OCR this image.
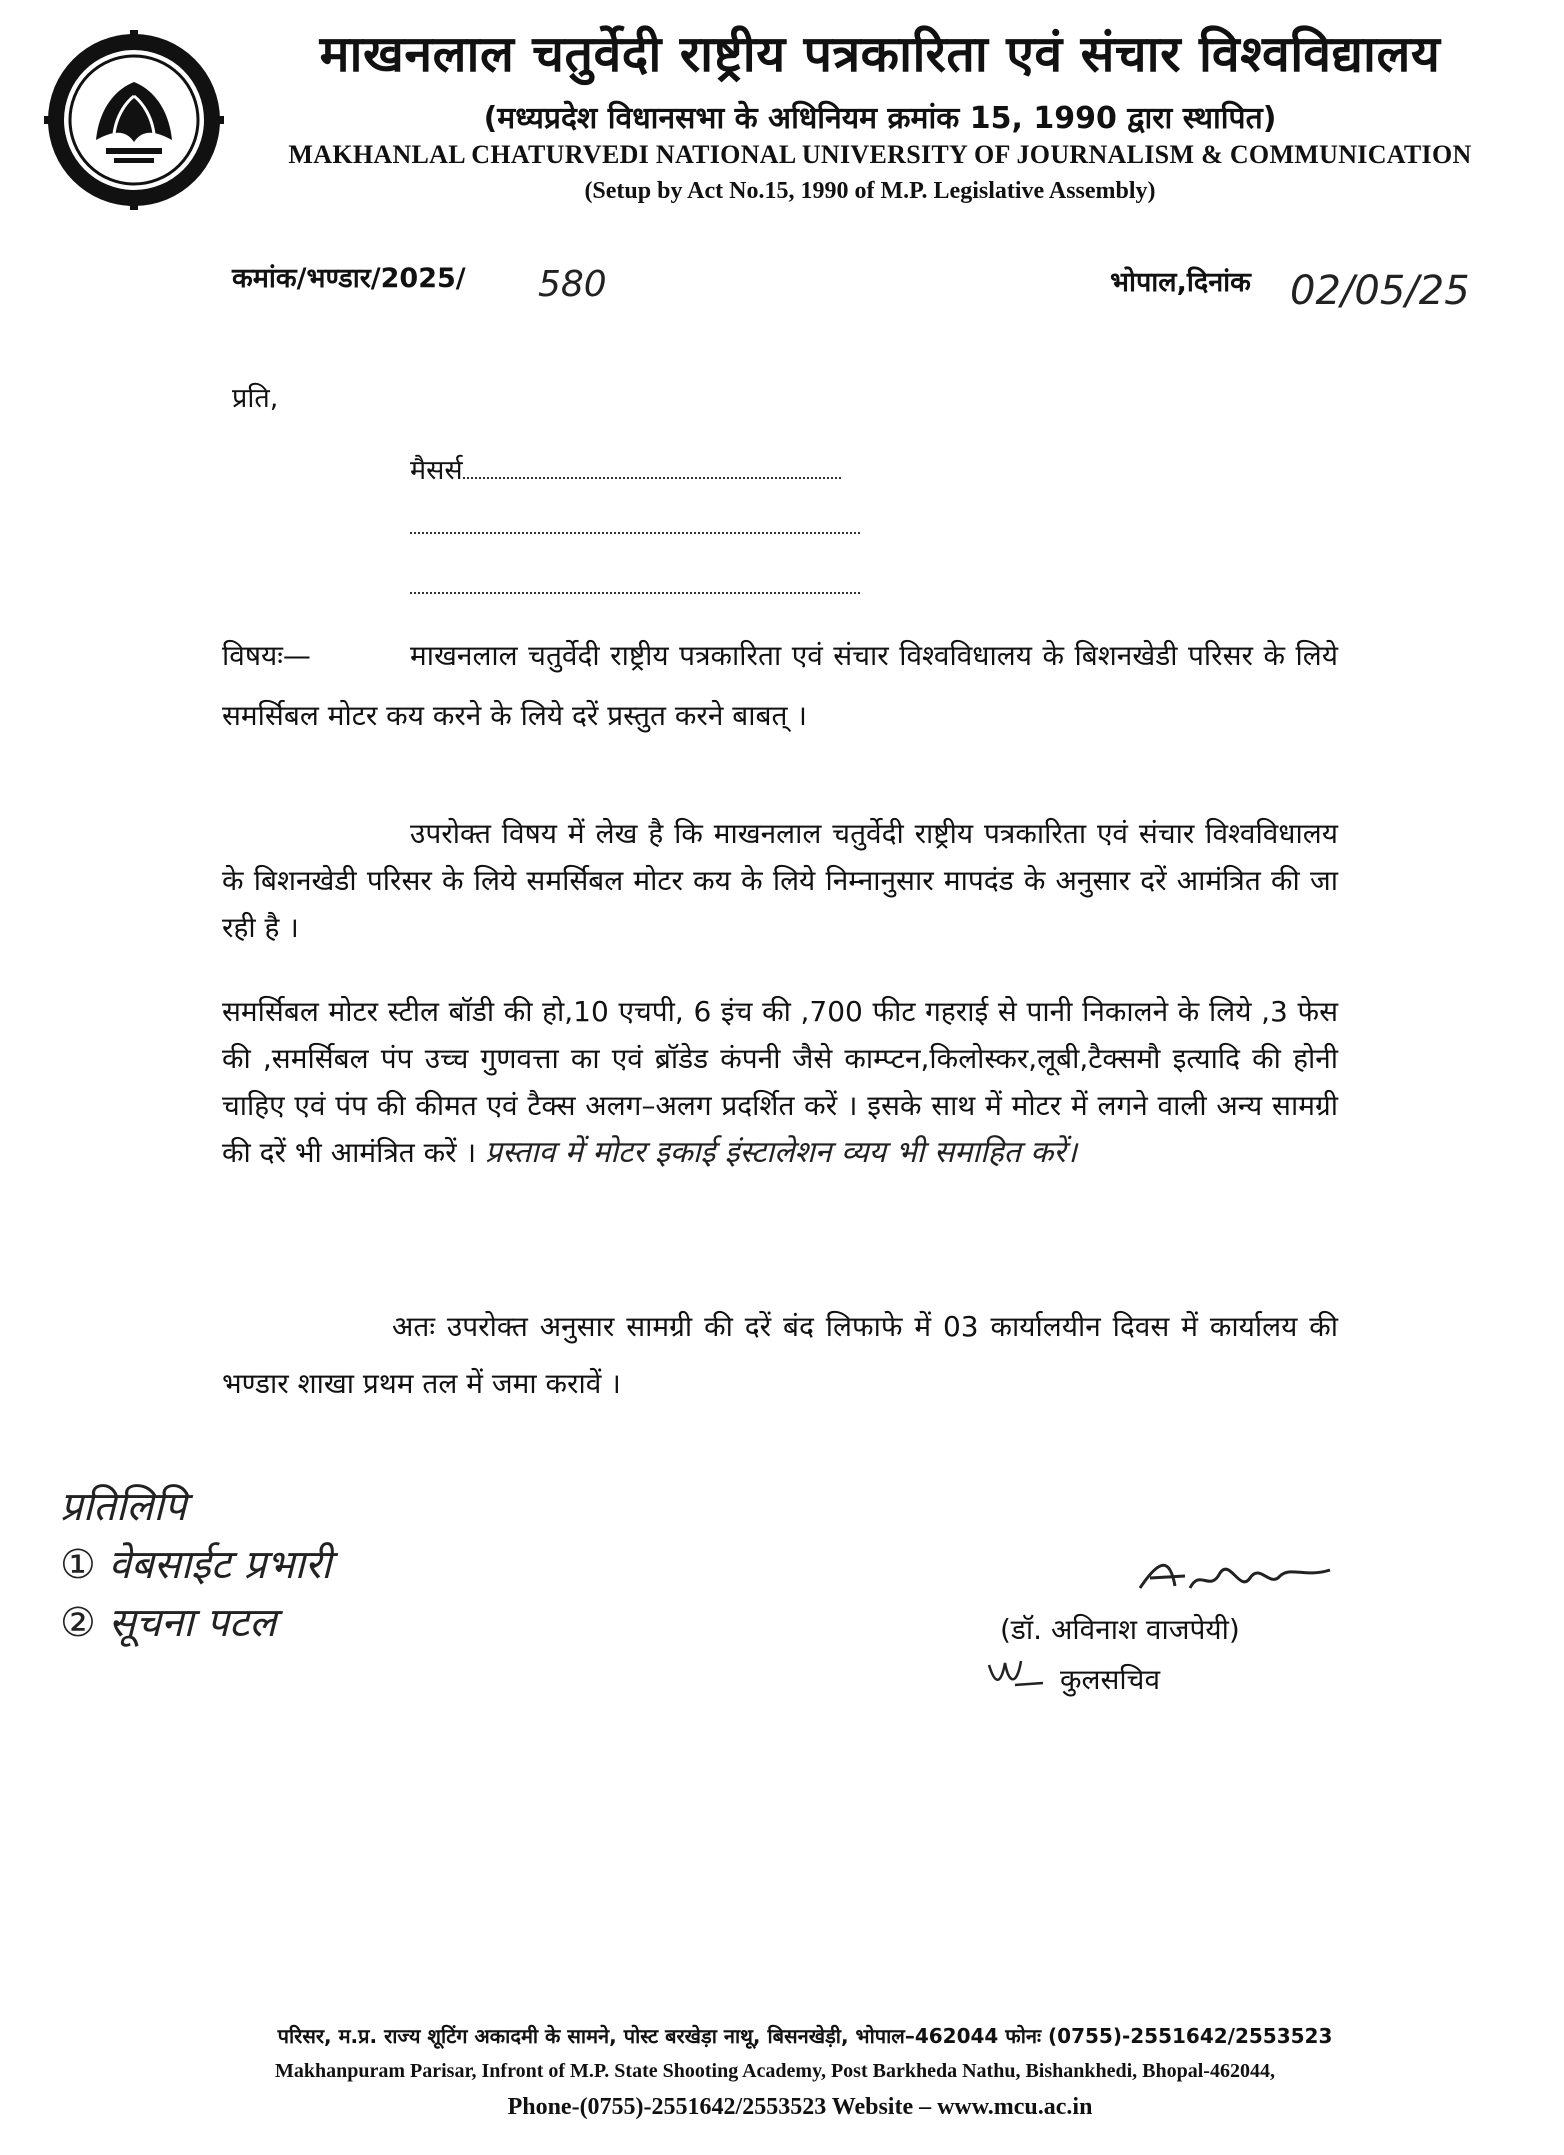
माखनलाल चतुर्वेदी राष्ट्रीय पत्रकारिता एवं संचार विश्वविद्यालय
(मध्यप्रदेश विधानसभा के अधिनियम क्रमांक 15, 1990 द्वारा स्थापित)
MAKHANLAL CHATURVEDI NATIONAL UNIVERSITY OF JOURNALISM & COMMUNICATION
(Setup by Act No.15, 1990 of M.P. Legislative Assembly)
कमांक/भण्डार/2025/ 580	भोपाल,दिनांक 02/05/25
प्रति,
मैसर्स
विषयः—	माखनलाल चतुर्वेदी राष्ट्रीय पत्रकारिता एवं संचार विश्वविधालय के बिशनखेडी परिसर के लिये समर्सिबल मोटर कय करने के लिये दरें प्रस्तुत करने बाबत् ।
उपरोक्त विषय में लेख है कि माखनलाल चतुर्वेदी राष्ट्रीय पत्रकारिता एवं संचार विश्वविधालय के बिशनखेडी परिसर के लिये समर्सिबल मोटर कय के लिये निम्नानुसार मापदंड के अनुसार दरें आमंत्रित की जा रही है ।
समर्सिबल मोटर स्टील बॉडी की हो,10 एचपी, 6 इंच की ,700 फीट गहराई से पानी निकालने के लिये ,3 फेस की ,समर्सिबल पंप उच्च गुणवत्ता का एवं ब्रॉडेड कंपनी जैसे काम्प्टन,किलोस्कर,लूबी,टैक्समौ इत्यादि की होनी चाहिए एवं पंप की कीमत एवं टैक्स अलग–अलग प्रदर्शित करें । इसके साथ में मोटर में लगने वाली अन्य सामग्री की दरें भी आमंत्रित करें । प्रस्ताव में मोटर इकाई इंस्टालेशन व्यय भी समाहित करें।
अतः उपरोक्त अनुसार सामग्री की दरें बंद लिफाफे में 03 कार्यालयीन दिवस में कार्यालय की भण्डार शाखा प्रथम तल में जमा करावें ।
प्रतिलिपि
① वेबसाईट प्रभारी
② सूचना पटल	(डॉ. अविनाश वाजपेयी)
कुलसचिव
परिसर, म.प्र. राज्य शूटिंग अकादमी के सामने, पोस्ट बरखेड़ा नाथू, बिसनखेड़ी, भोपाल–462044 फोनः (0755)-2551642/2553523
Makhanpuram Parisar, Infront of M.P. State Shooting Academy, Post Barkheda Nathu, Bishankhedi, Bhopal-462044,
Phone-(0755)-2551642/2553523 Website – www.mcu.ac.in
